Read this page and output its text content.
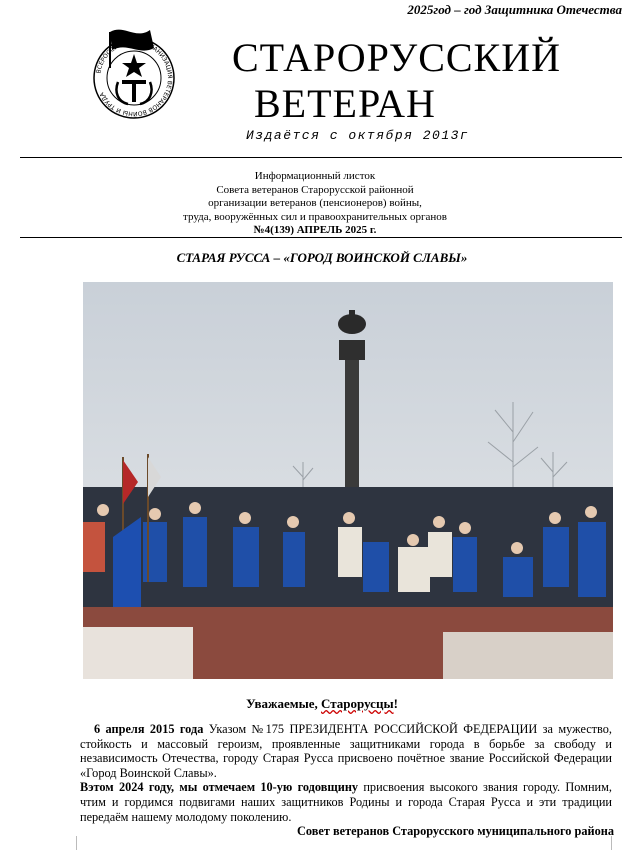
2025год – год Защитника Отечества
ВСЕРОССИЙСКАЯ ОРГАНИЗАЦИЯ ВЕТЕРАНОВ ВОЙНЫ И ТРУДА
СТАРОРУССКИЙ
ВЕТЕРАН
Издаётся с октября 2013г
Информационный листок
Совета ветеранов Старорусской районной
организации ветеранов (пенсионеров) войны,
труда, вооружённых сил и правоохранительных органов
№4(139) АПРЕЛЬ 2025 г.
СТАРАЯ РУССА – «ГОРОД ВОИНСКОЙ СЛАВЫ»
Уважаемые, Старорусцы!

6 апреля 2015 года Указом №175 ПРЕЗИДЕНТА РОССИЙСКОЙ ФЕДЕРАЦИИ за мужество, стойкость и массовый героизм, проявленные защитниками города в борьбе за свободу и независимость Отечества, городу Старая Русса присвоено почётное звание Российской Федерации «Город Воинской Славы».

Вэтом 2024 году, мы отмечаем 10-ую годовщину присвоения высокого звания городу. Помним, чтим и гордимся подвигами наших защитников Родины и города Старая Русса и эти традиции передаём нашему молодому поколению.

Совет ветеранов Старорусского муниципального района
